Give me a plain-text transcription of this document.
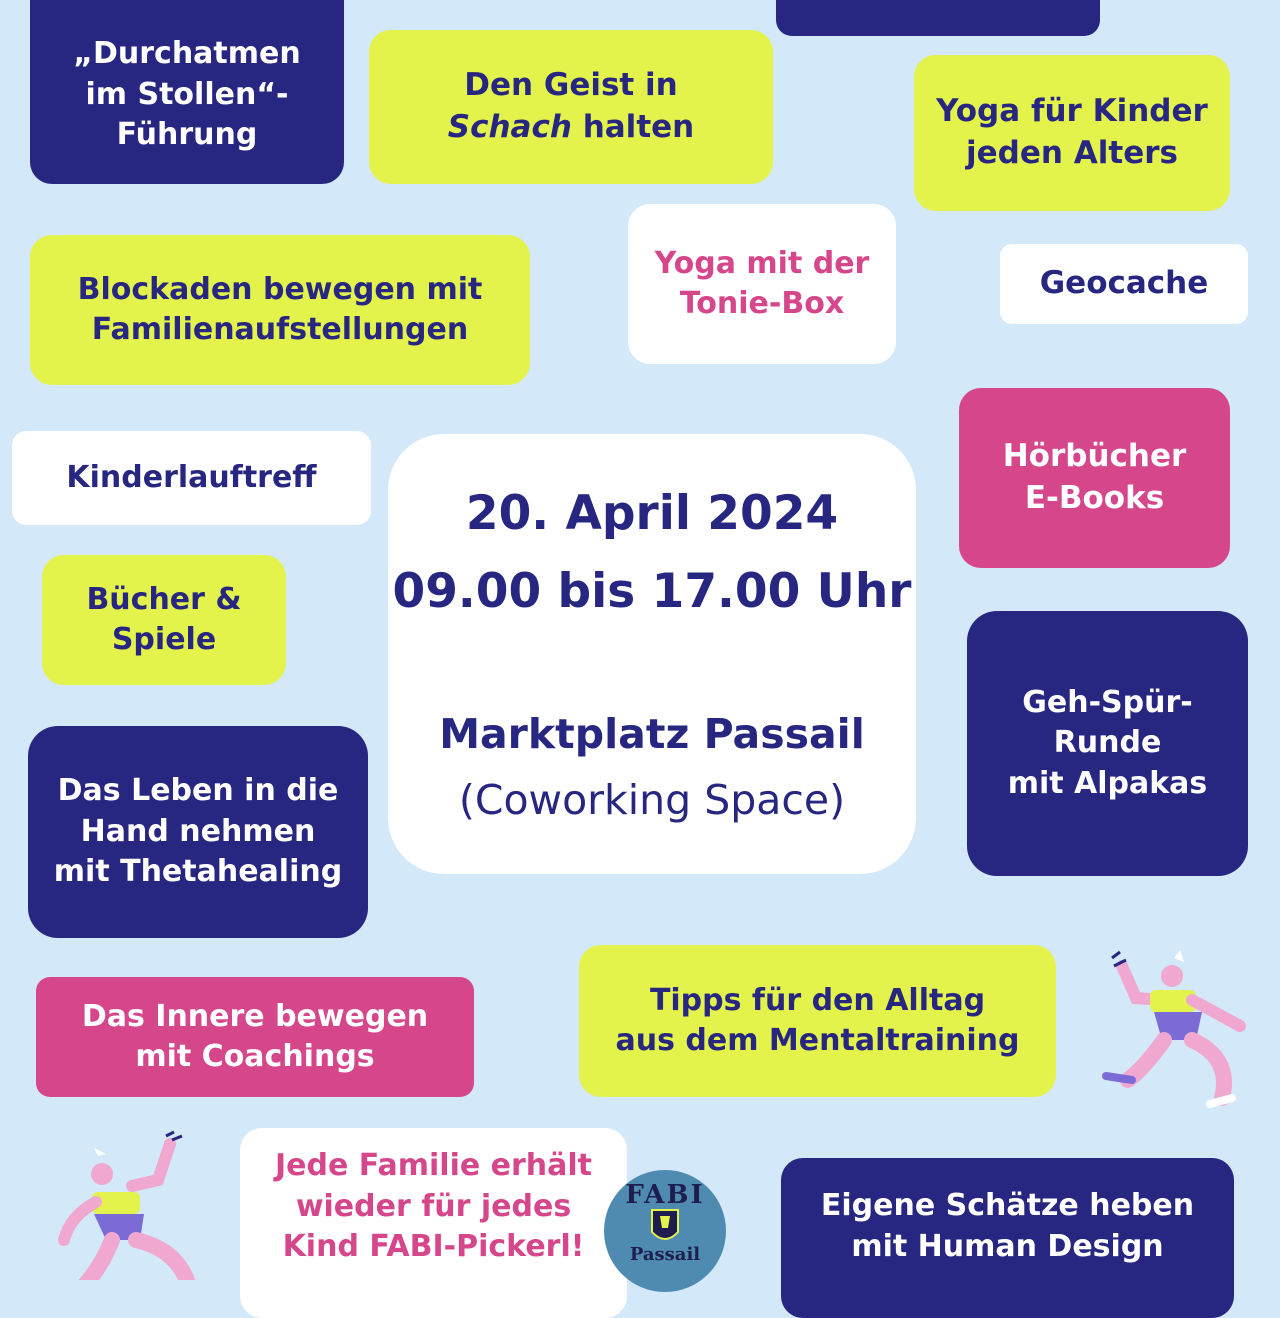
„Durchatmen
im Stollen“-
Führung
Den Geist in
Schach halten	Yoga für Kinder
jeden Alters
Blockaden bewegen mit
Familienaufstellungen
Yoga mit der
Tonie-Box
Geocache
Kinderlauftreff
Hörbücher
E-Books
Bücher &
Spiele
Geh-Spür-
Runde
mit Alpakas
Das Leben in die
Hand nehmen
mit Thetahealing
20. April 2024
09.00 bis 17.00 Uhr
Marktplatz Passail
(Coworking Space)
Das Innere bewegen
mit Coachings
Tipps für den Alltag
aus dem Mentaltraining
Jede Familie erhält
wieder für jedes
Kind FABI-Pickerl!
Eigene Schätze heben
mit Human Design
FABI
Passail
